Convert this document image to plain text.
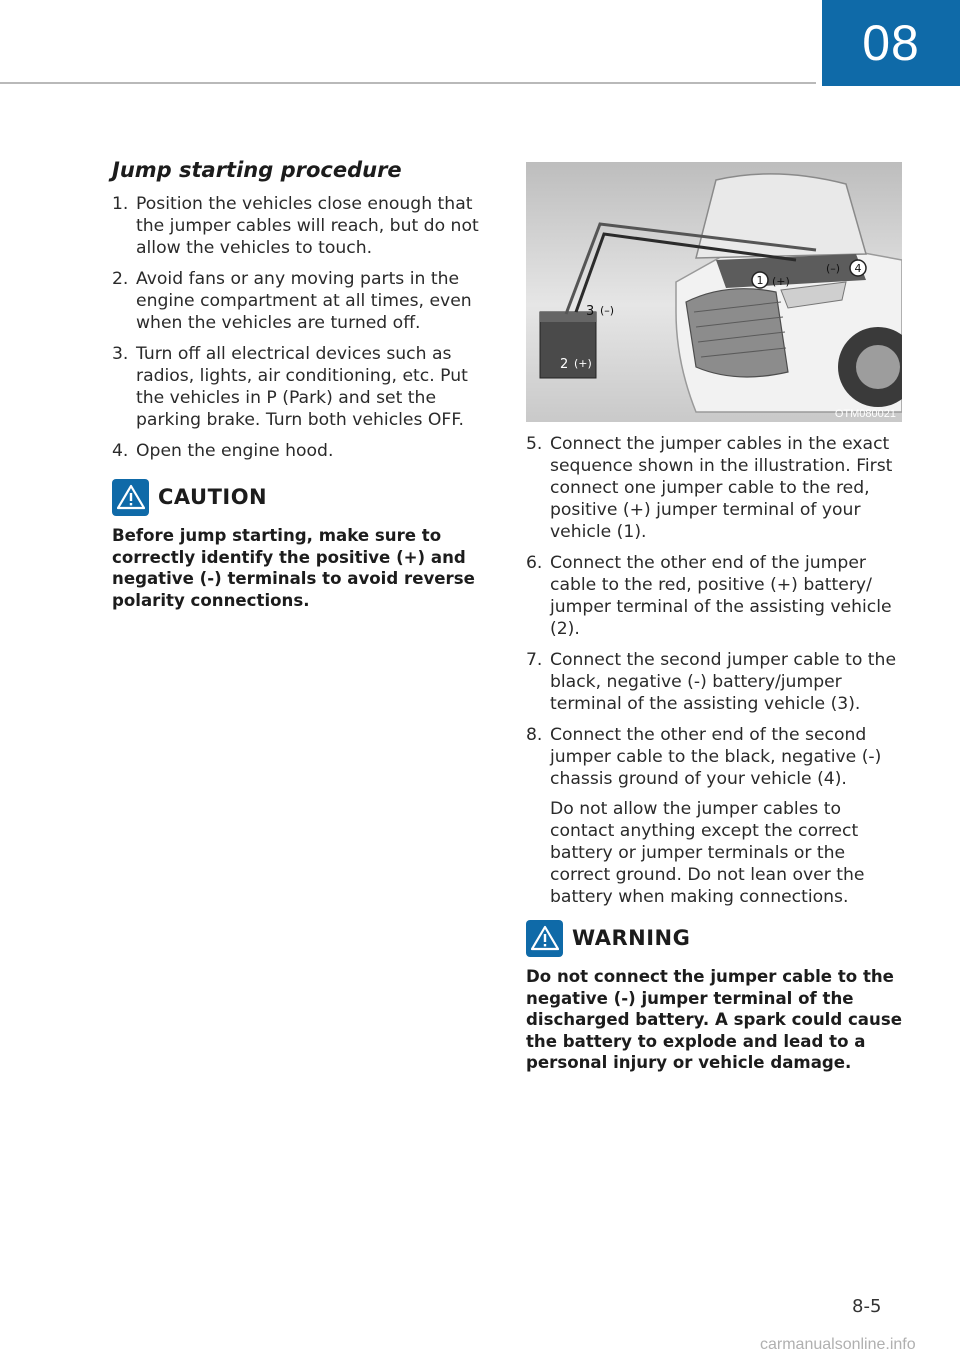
08
Jump starting procedure
1. Position the vehicles close enough that the jumper cables will reach, but do not allow the vehicles to touch.
2. Avoid fans or any moving parts in the engine compartment at all times, even when the vehicles are turned off.
3. Turn off all electrical devices such as radios, lights, air conditioning, etc. Put the vehicles in P (Park) and set the parking brake. Turn both vehicles OFF.
4. Open the engine hood.
CAUTION

Before jump starting, make sure to correctly identify the positive (+) and negative (-) terminals to avoid reverse polarity connections.

1 (+)
(–) 4
3 (–)
2 (+)
OTM080021
5. Connect the jumper cables in the exact sequence shown in the illustration. First connect one jumper cable to the red, positive (+) jumper terminal of your vehicle (1).
6. Connect the other end of the jumper cable to the red, positive (+) battery/ jumper terminal of the assisting vehicle (2).
7. Connect the second jumper cable to the black, negative (-) battery/jumper terminal of the assisting vehicle (3).
8. Connect the other end of the second jumper cable to the black, negative (-) chassis ground of your vehicle (4).
Do not allow the jumper cables to contact anything except the correct battery or jumper terminals or the correct ground. Do not lean over the battery when making connections.
WARNING

Do not connect the jumper cable to the negative (-) jumper terminal of the discharged battery. A spark could cause the battery to explode and lead to a personal injury or vehicle damage.

8-5
carmanualsonline.info
